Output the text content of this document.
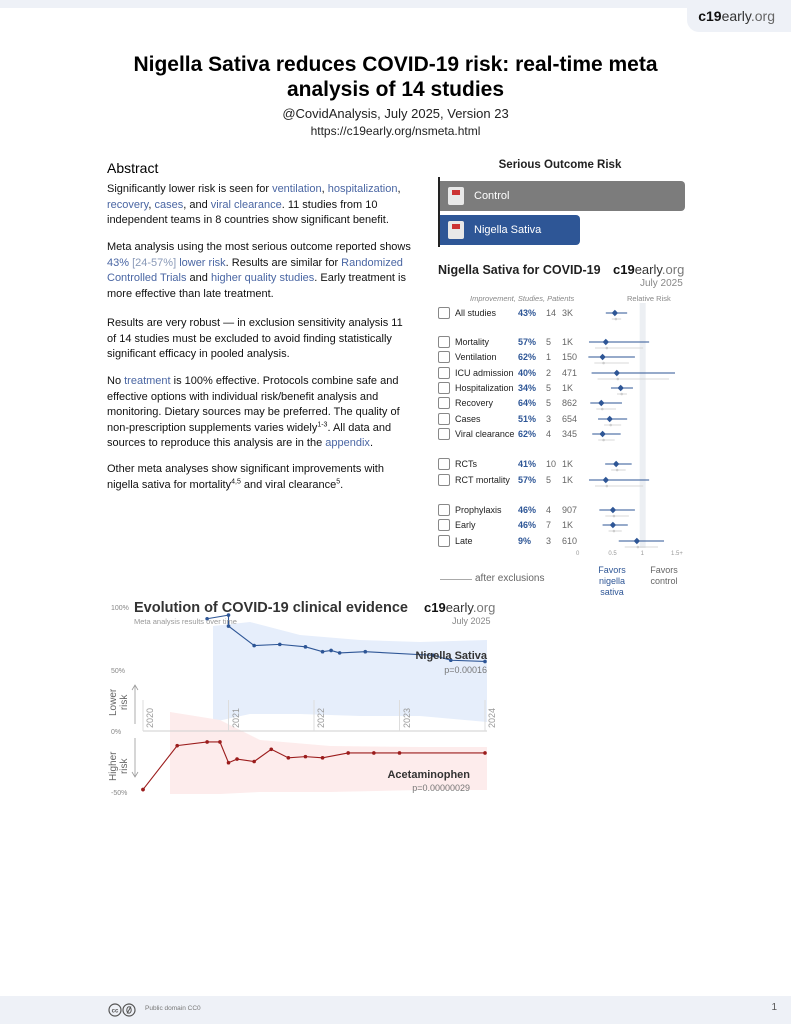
c19early.org
Nigella Sativa reduces COVID-19 risk: real-time meta analysis of 14 studies
@CovidAnalysis, July 2025, Version 23
https://c19early.org/nsmeta.html
Abstract
Significantly lower risk is seen for ventilation, hospitalization, recovery, cases, and viral clearance. 11 studies from 10 independent teams in 8 countries show significant benefit.
Meta analysis using the most serious outcome reported shows 43% [24-57%] lower risk. Results are similar for Randomized Controlled Trials and higher quality studies. Early treatment is more effective than late treatment.
Results are very robust — in exclusion sensitivity analysis 11 of 14 studies must be excluded to avoid finding statistically significant efficacy in pooled analysis.
No treatment is 100% effective. Protocols combine safe and effective options with individual risk/benefit analysis and monitoring. Dietary sources may be preferred. The quality of non-prescription supplements varies widely$^{1-3}$. All data and sources to reproduce this analysis are in the appendix.
Other meta analyses show significant improvements with nigella sativa for mortality$^{4,5}$ and viral clearance$^5$.
Serious Outcome Risk
Control
Nigella Sativa
Nigella Sativa for COVID-19 c19early.org
July 2025
Improvement, Studies, Patients	Relative Risk
All studies 43% 14 3K
Mortality	57% 5 1K
Ventilation 62% 1 150
ICU admission 40% 2 471
Hospitalization 34% 5 1K
Recovery	64% 5 862
Cases	51% 3 654
Viral clearance 62% 4 345
RCTs	41% 10 1K
RCT mortality 57% 5 1K
Prophylaxis 46% 4 907
Early	46% 7 1K
Late	9% 3 610
0	0.5	1	1.5+
Favors
nigella sativa
Favors
control
after exclusions
Evolution of COVID-19 clinical evidence
Meta analysis results over time
c19early.org
July 2025
100%
50%
0%
-50%
Lower
risk
Higher
risk
2020	2021	2022	2023	2024
Nigella Sativa
p=0.00016
Acetaminophen
p=0.00000029
cc	Public domain CC0	1
